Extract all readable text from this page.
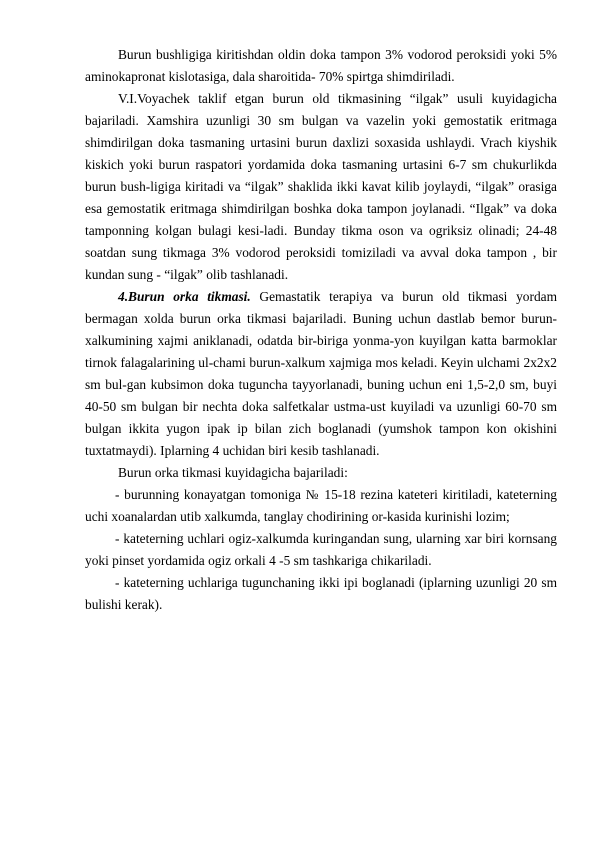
Burun bushligiga kiritishdan oldin doka tampon 3% vodorod peroksidi yoki 5% aminokapronat kislotasiga, dala sharoitida- 70% spirtga shimdiriladi.

V.I.Voyachek taklif etgan burun old tikmasining “ilgak” usuli kuyidagicha bajariladi. Xamshira uzunligi 30 sm bulgan va vazelin yoki gemostatik eritmaga shimdirilgan doka tasmaning urtasini burun daxlizi soxasida ushlaydi. Vrach kiyshik kiskich yoki burun raspatori yordamida doka tasmaning urtasini 6-7 sm chukurlikda burun bush-ligiga kiritadi va “ilgak” shaklida ikki kavat kilib joylaydi, “ilgak” orasiga esa gemostatik eritmaga shimdirilgan boshka doka tampon joylanadi. “Ilgak” va doka tamponning kolgan bulagi kesi-ladi. Bunday tikma oson va ogriksiz olinadi; 24-48 soatdan sung tikmaga 3% vodorod peroksidi tomiziladi va avval doka tampon , bir kundan sung - “ilgak” olib tashlanadi.

4.Burun orka tikmasi. Gemastatik terapiya va burun old tikmasi yordam bermagan xolda burun orka tikmasi bajariladi. Buning uchun dastlab bemor burun-xalkumining xajmi aniklanadi, odatda bir-biriga yonma-yon kuyilgan katta barmoklar tirnok falagalarining ul-chami burun-xalkum xajmiga mos keladi. Keyin ulchami 2x2x2 sm bul-gan kubsimon doka tuguncha tayyorlanadi, buning uchun eni 1,5-2,0 sm, buyi 40-50 sm bulgan bir nechta doka salfetkalar ustma-ust kuyiladi va uzunligi 60-70 sm bulgan ikkita yugon ipak ip bilan zich boglanadi (yumshok tampon kon okishini tuxtatmaydi). Iplarning 4 uchidan biri kesib tashlanadi.

Burun orka tikmasi kuyidagicha bajariladi:

- burunning konayatgan tomoniga № 15-18 rezina kateteri kiritiladi, kateterning uchi xoanalardan utib xalkumda, tanglay chodirining or-kasida kurinishi lozim;

- kateterning uchlari ogiz-xalkumda kuringandan sung, ularning xar biri kornsang yoki pinset yordamida ogiz orkali 4 -5 sm tashkariga chikariladi.

- kateterning uchlariga tugunchaning ikki ipi boglanadi (iplarning uzunligi 20 sm bulishi kerak).
